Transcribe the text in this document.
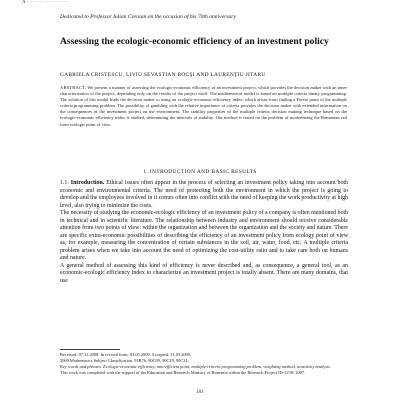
A · · · · · · · · · · · · ·
Dedicated to Professor Iulian Coroian on the occasion of his 70th anniversary
Assessing the ecologic-economic efficiency of an investment policy
GABRIELA CRISTESCU, LIVIU SEVASTIAN BOCŞI AND LAURENŢIU JITARU
ABSTRACT. We present a manner of assessing the ecologic-economic efficiency of an investment project, which provides the decision maker with an inner characterization of the project, depending only on the results of the project itself. The mathematical model is based on multiple criteria binary programming. The solution of this model leads the decision maker to using an ecologic-economic efficiency index, which arises from finding a Pareto point of the multiple criteria programming problem. The possibility of gambling with the relative importance of criteria provides the decision maker with extended information on the consequences of the investment project on the environment. The stability properties of the multiple criteria decision making technique based on the ecologic-economic efficiency index is studied, determining the intervals of stability. Our method is tested on the problem of modernizing the Romanian rail from ecologic point of view.
1. INTRODUCTION AND BASIC RESULTS

1.1. Introduction. Ethical issues often appear in the process of selecting an investment policy taking into account both economic and environmental criteria. The need of protecting both the environment in which the project is going to develop and the employees involved in it comes often into conflict with the need of keeping the work productivity at high level, also trying to minimize the costs.

The necessity of studying the economic-ecologic efficiency of an investment policy of a company is often mentioned both in technical and in scientific literature. The relationship between industry and environment should receive considerable attention from two points of view: within the organization and between the organization and the society and nature. There are specific extra-economic possibilities of describing the efficiency of an investment policy from ecology point of view as, for example, measuring the concentration of certain substances in the soil, air, water, food, etc. A multiple criteria problem arises when we take into account the need of optimizing the cost-utility ratio and to take care both on humans and nature.

A general method of assessing this kind of efficiency is never described and, as consequence, a general tool, as an economic-ecologic efficiency index to characterize an investment project is totally absent. There are many domains, that use

Received: 07.11.2008. In revised form: 03.05.2009. Accepted: 11.05.2009.

2000 Mathematics Subject Classification. 91B76, 90C09, 90C29, 90C31.

Key words and phrases. Ecologic-economic efficiency, min-efficient point, multiple-criteria programming problem, weighting method, sensitivity analysis.

This work was completed with the support of the Education and Research Ministry of Romania within the Research Project ID-1239/ 2007.

183
